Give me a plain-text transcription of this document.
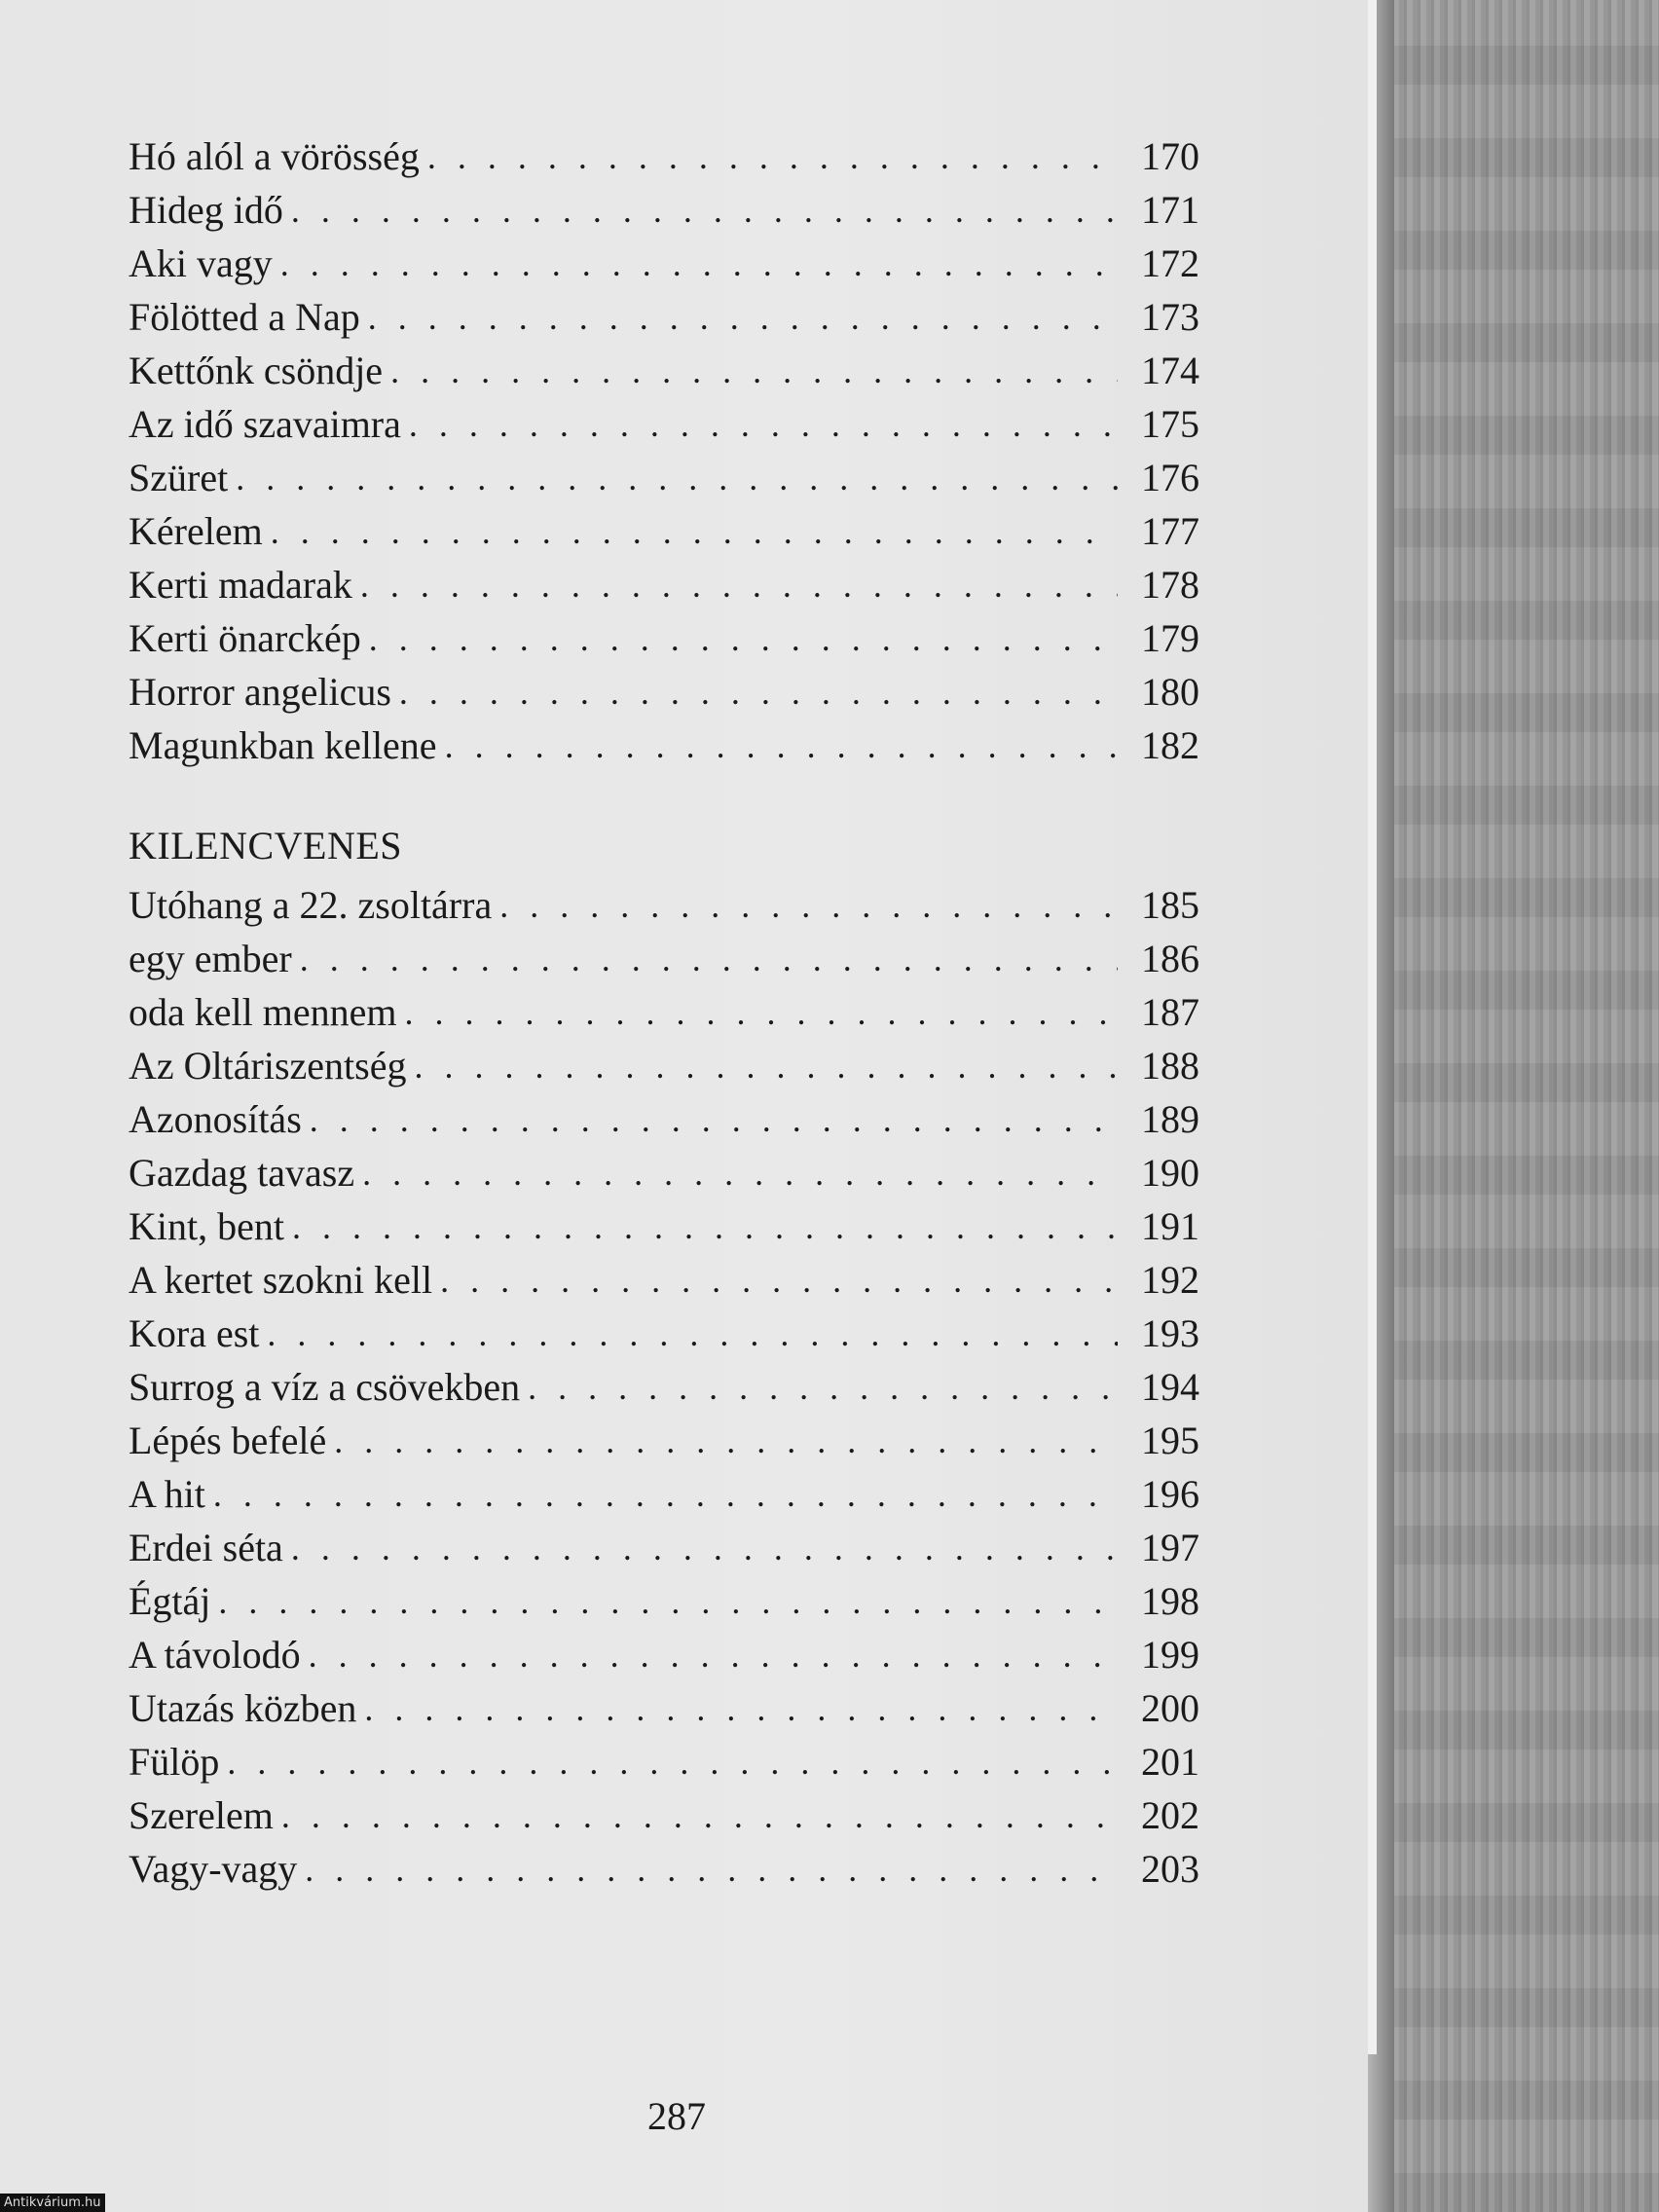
Hó alól a vörösség . . .	170
Hideg idő . . .	171
Aki vagy . . .	172
Fölötted a Nap . . .	173
Kettőnk csöndje . . .	174
Az idő szavaimra . . .	175
Szüret . . .	176
Kérelem . . .	177
Kerti madarak . . .	178
Kerti önarckép . . .	179
Horror angelicus . . .	180
Magunkban kellene . . .	182
KILENCVENES
Utóhang a 22. zsoltárra . . .	185
egy ember . . .	186
oda kell mennem . . .	187
Az Oltáriszentség . . .	188
Azonosítás . . .	189
Gazdag tavasz . . .	190
Kint, bent . . .	191
A kertet szokni kell . . .	192
Kora est . . .	193
Surrog a víz a csövekben . . .	194
Lépés befelé . . .	195
A hit . . .	196
Erdei séta . . .	197
Égtáj . . .	198
A távolodó . . .	199
Utazás közben . . .	200
Fülöp . . .	201
Szerelem . . .	202
Vagy-vagy . . .	203
287
Antikvárium.hu
